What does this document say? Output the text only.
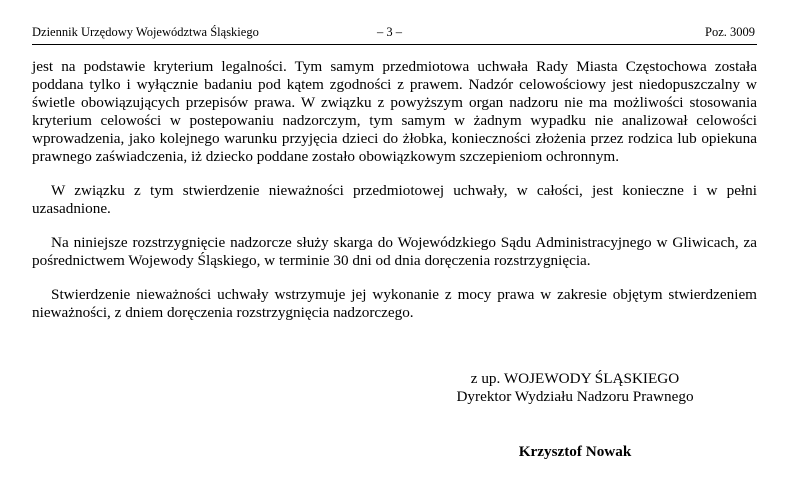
Dziennik Urzędowy Województwa Śląskiego	– 3 –	Poz. 3009

jest na podstawie kryterium legalności. Tym samym przedmiotowa uchwała Rady Miasta Częstochowa została poddana tylko i wyłącznie badaniu pod kątem zgodności z prawem. Nadzór celowościowy jest niedopuszczalny w świetle obowiązujących przepisów prawa. W związku z powyższym organ nadzoru nie ma możliwości stosowania kryterium celowości w postepowaniu nadzorczym, tym samym w żadnym wypadku nie analizował celowości wprowadzenia, jako kolejnego warunku przyjęcia dzieci do żłobka, konieczności złożenia przez rodzica lub opiekuna prawnego zaświadczenia, iż dziecko poddane zostało obowiązkowym szczepieniom ochronnym.

W związku z tym stwierdzenie nieważności przedmiotowej uchwały, w całości, jest konieczne i w pełni uzasadnione.

Na niniejsze rozstrzygnięcie nadzorcze służy skarga do Wojewódzkiego Sądu Administracyjnego w Gliwicach, za pośrednictwem Wojewody Śląskiego, w terminie 30 dni od dnia doręczenia rozstrzygnięcia.

Stwierdzenie nieważności uchwały wstrzymuje jej wykonanie z mocy prawa w zakresie objętym stwierdzeniem nieważności, z dniem doręczenia rozstrzygnięcia nadzorczego.

z up. WOJEWODY ŚLĄSKIEGO
Dyrektor Wydziału Nadzoru Prawnego
Krzysztof Nowak
